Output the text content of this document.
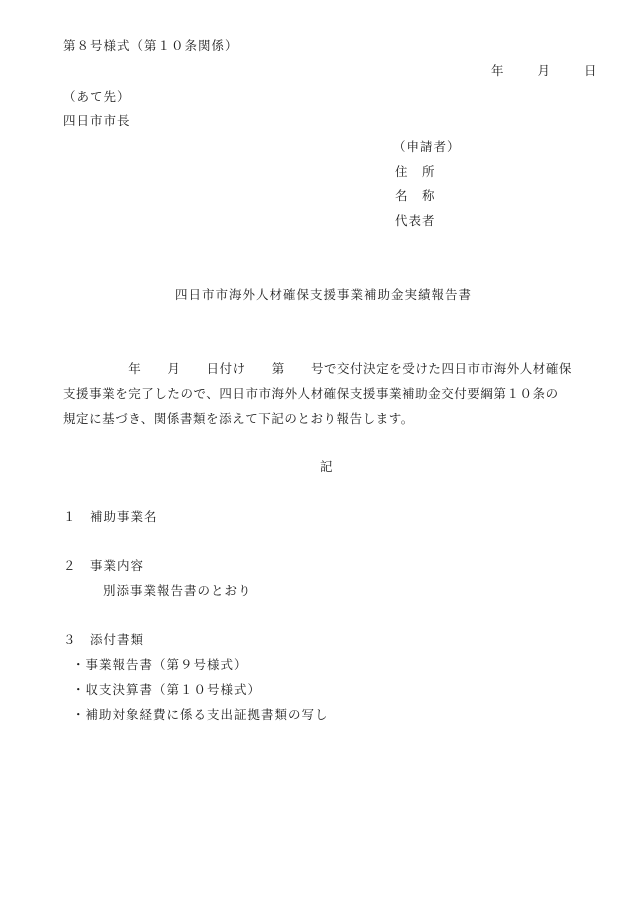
第８号様式（第１０条関係）
年	月	日
（あて先）
四日市市長
（申請者）
住　所
名　称
代表者
四日市市海外人材確保支援事業補助金実績報告書
　　　　　年　　月　　日付け　　第　　号で交付決定を受けた四日市市海外人材確保
支援事業を完了したので、四日市市海外人材確保支援事業補助金交付要綱第１０条の
規定に基づき、関係書類を添えて下記のとおり報告します。
記
１　補助事業名
２　事業内容
別添事業報告書のとおり
３　添付書類
・事業報告書（第９号様式）
・収支決算書（第１０号様式）
・補助対象経費に係る支出証拠書類の写し
